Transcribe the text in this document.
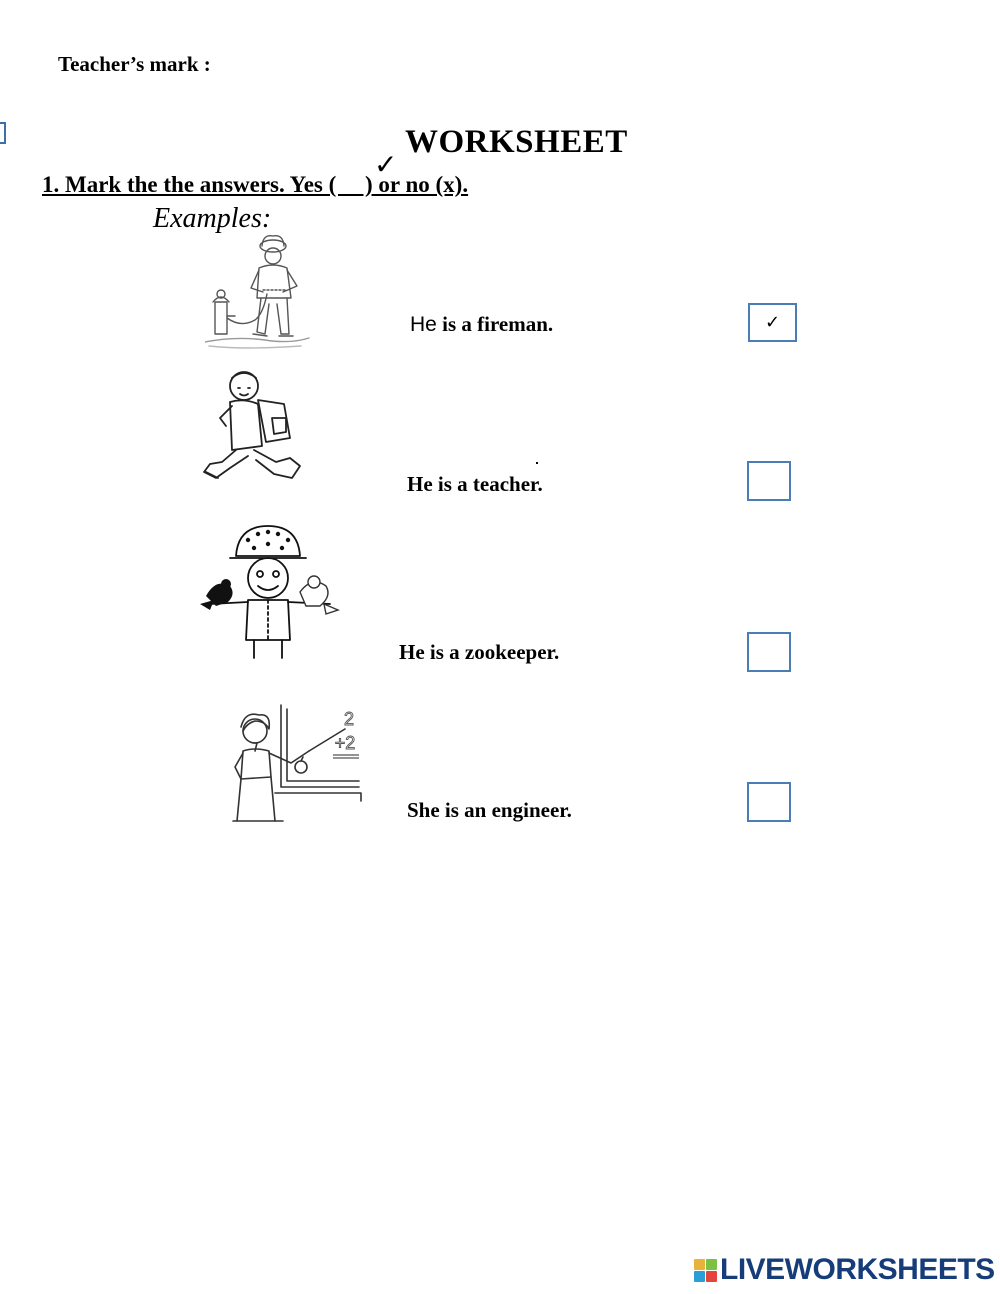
Teacher’s mark :
WORKSHEET
✓
1. Mark the the answers. Yes (     ) or no (x).
Examples:
2
+2
He is a fireman.
He is a teacher.
He is a zookeeper.
She is an engineer.
✓
LIVEWORKSHEETS
